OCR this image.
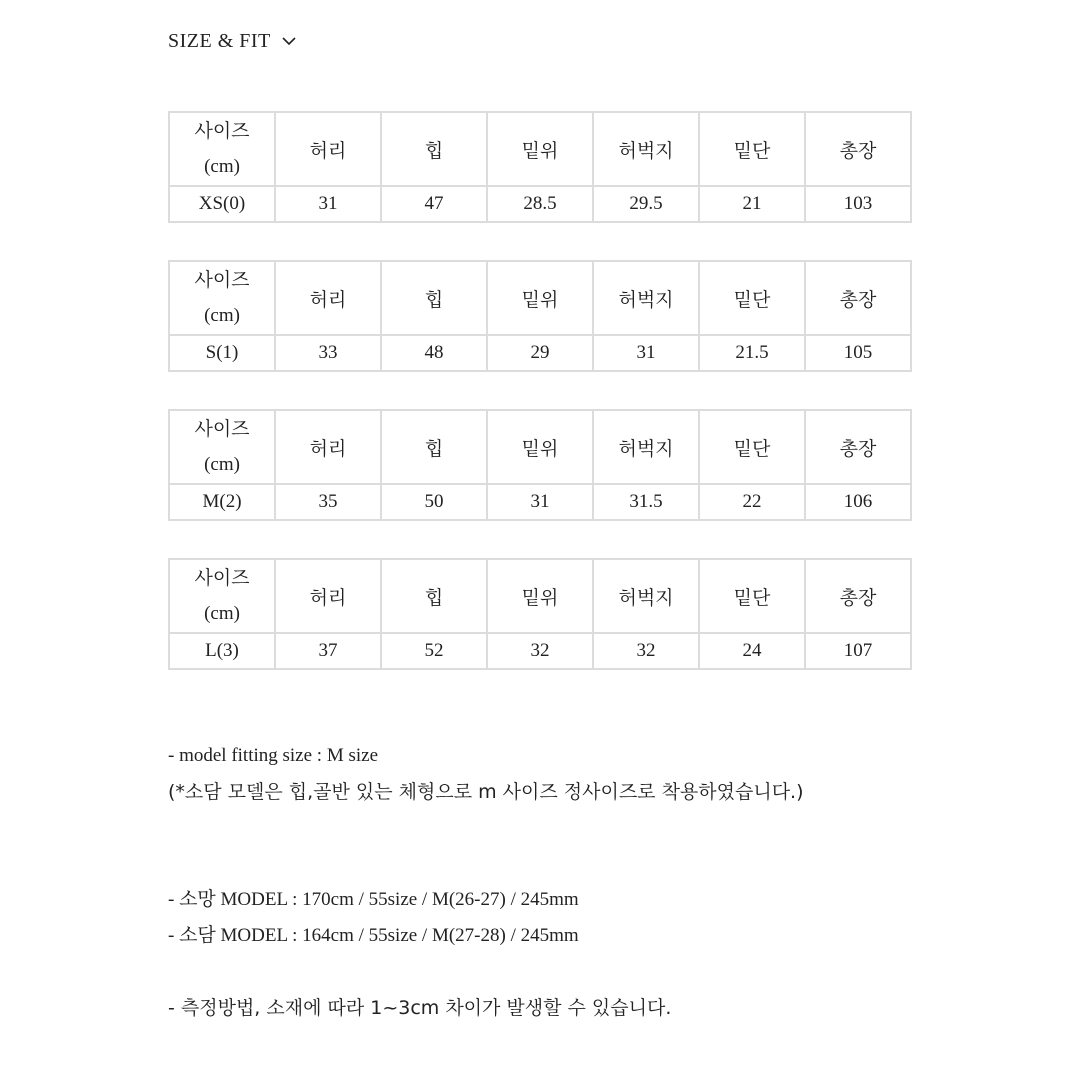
SIZE & FIT
사이즈
(cm)	허리	힙	밑위	허벅지	밑단	총장
XS(0)	31	47	28.5	29.5	21	103
사이즈
(cm)	허리	힙	밑위	허벅지	밑단	총장
S(1)	33	48	29	31	21.5	105
사이즈
(cm)	허리	힙	밑위	허벅지	밑단	총장
M(2)	35	50	31	31.5	22	106
사이즈
(cm)	허리	힙	밑위	허벅지	밑단	총장
L(3)	37	52	32	32	24	107
- model fitting size : M size
(*소담 모델은 힙,골반 있는 체형으로 m 사이즈 정사이즈로 착용하였습니다.)
- 소망 MODEL : 170cm / 55size / M(26-27) / 245mm
- 소담 MODEL : 164cm / 55size / M(27-28) / 245mm
- 측정방법, 소재에 따라 1~3cm 차이가 발생할 수 있습니다.
